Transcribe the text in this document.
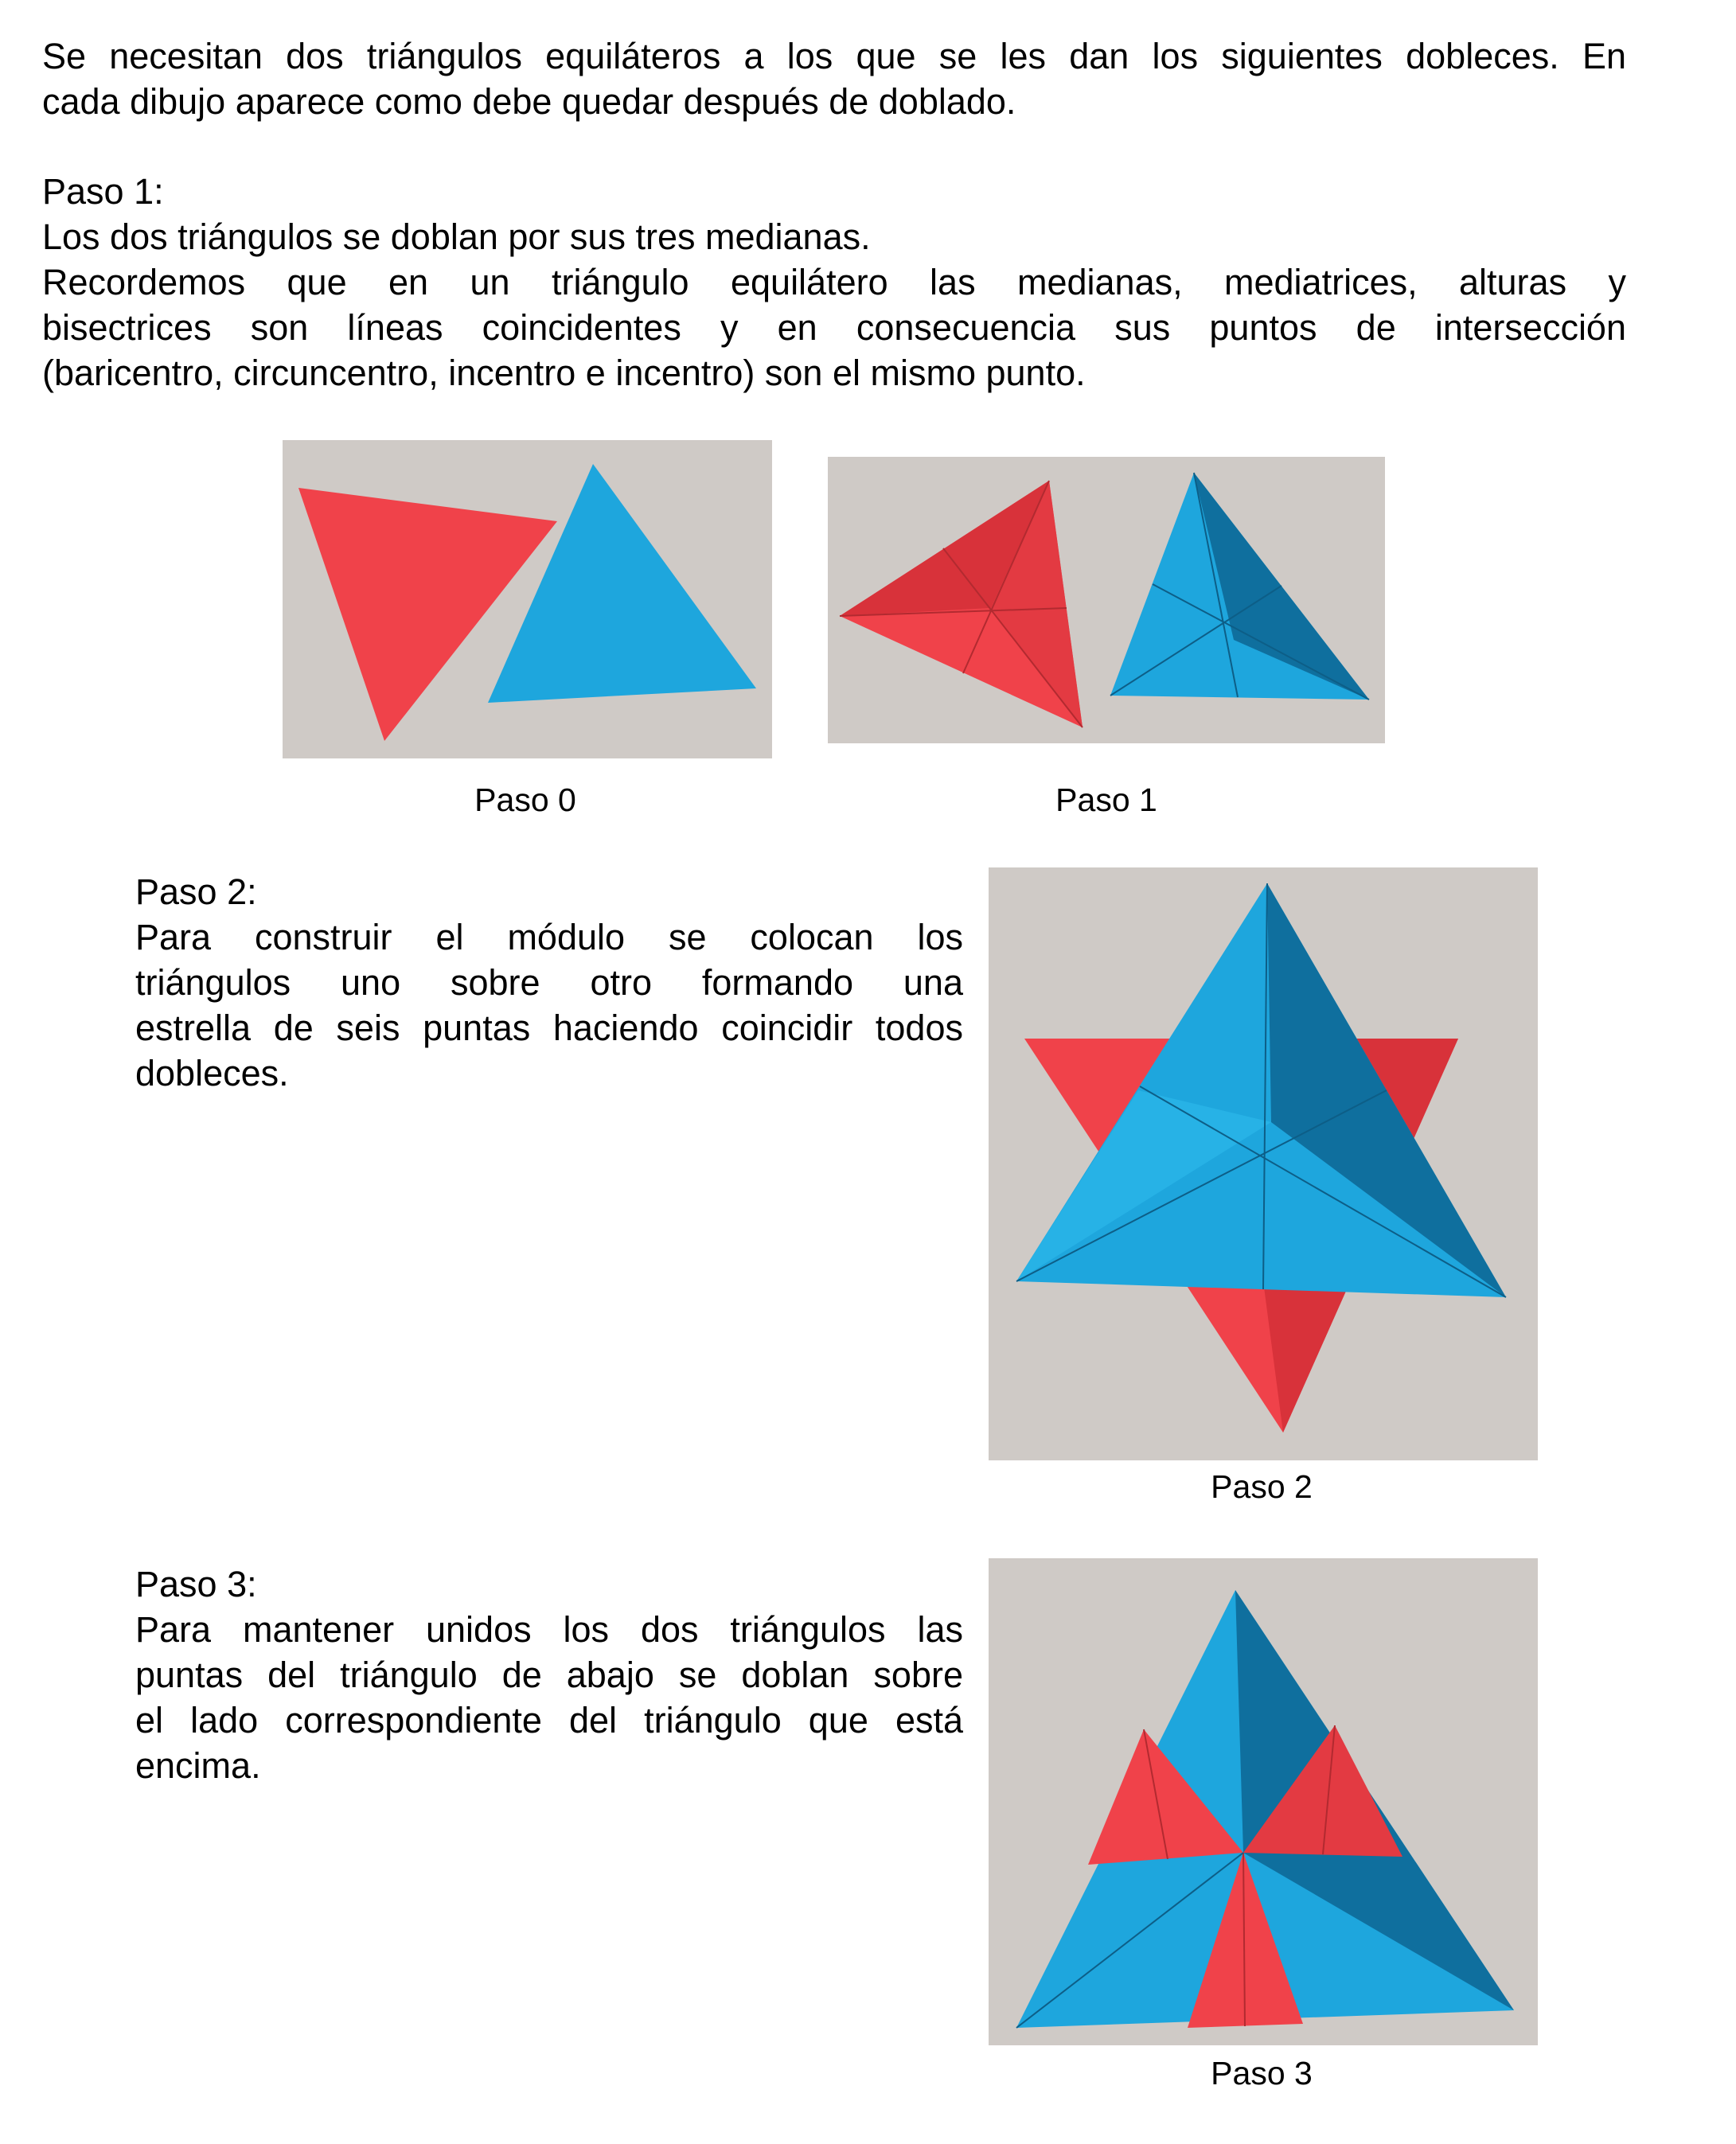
Se necesitan dos triángulos equiláteros a los que se les dan los siguientes dobleces. En
cada dibujo aparece como debe quedar después de doblado.
Paso 1:
Los dos triángulos se doblan por sus tres medianas.
Recordemos que en un triángulo equilátero las medianas, mediatrices, alturas y
bisectrices son líneas coincidentes y en consecuencia sus puntos de intersección
(baricentro, circuncentro, incentro e incentro) son el mismo punto.
Paso 0	Paso 1
Paso 2:
Para construir el módulo se colocan los
triángulos uno sobre otro formando una
estrella de seis puntas haciendo coincidir todos
dobleces.
Paso 2
Paso 3:
Para mantener unidos los dos triángulos las
puntas del triángulo de abajo se doblan sobre
el lado correspondiente del triángulo que está
encima.
Paso 3
